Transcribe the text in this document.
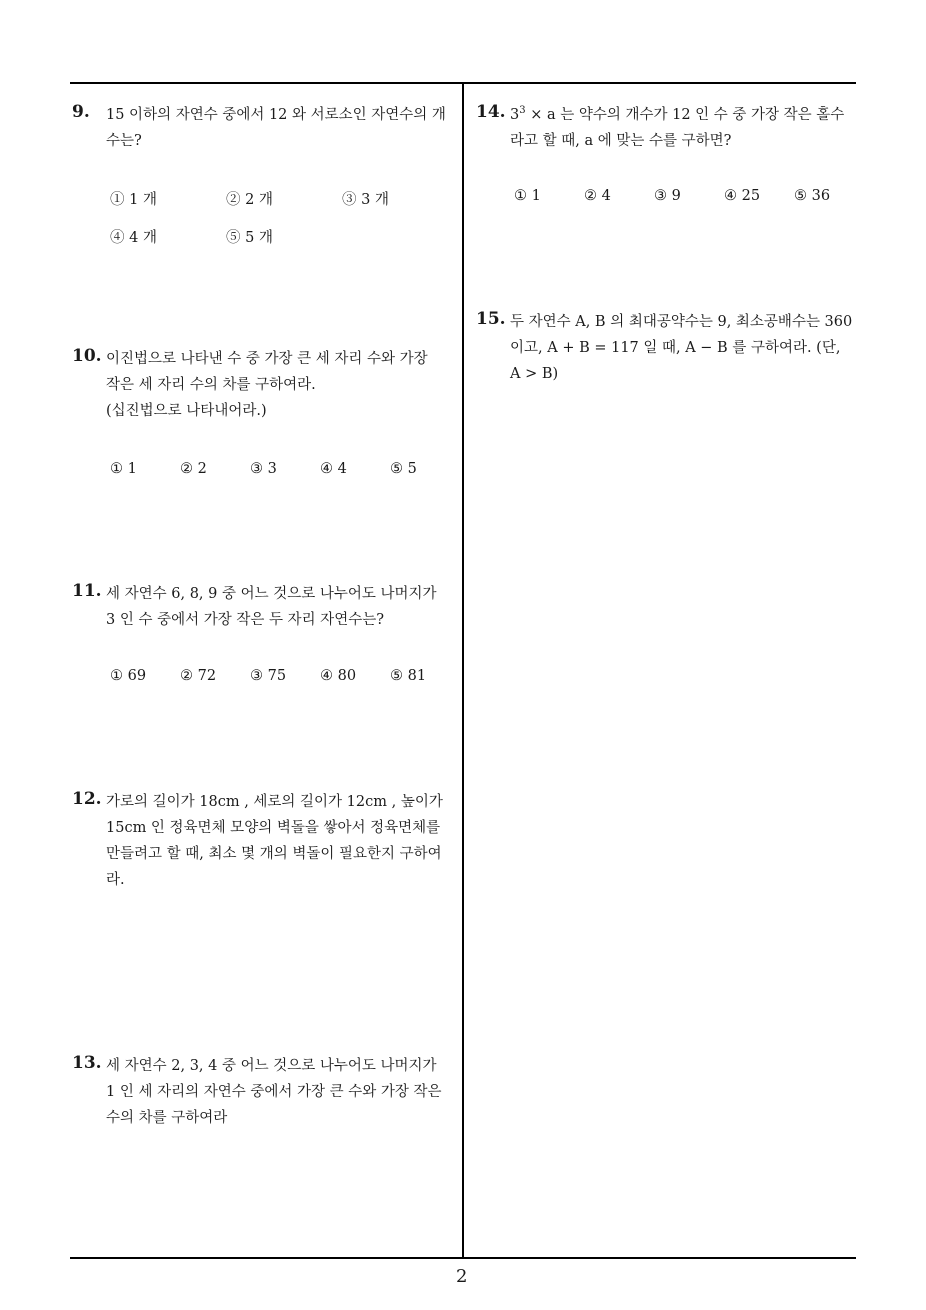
9. 15 이하의 자연수 중에서 12 와 서로소인 자연수의 개
수는?
① 1 개	② 2 개	③ 3 개
④ 4 개	⑤ 5 개
10. 이진법으로 나타낸 수 중 가장 큰 세 자리 수와 가장
작은 세 자리 수의 차를 구하여라.
(십진법으로 나타내어라.)
① 1	② 2	③ 3	④ 4	⑤ 5
11. 세 자연수 6, 8, 9 중 어느 것으로 나누어도 나머지가
3 인 수 중에서 가장 작은 두 자리 자연수는?
① 69 ② 72 ③ 75 ④ 80 ⑤ 81
12. 가로의 길이가 18cm , 세로의 길이가 12cm , 높이가
15cm 인 정육면체 모양의 벽돌을 쌓아서 정육면체를
만들려고 할 때, 최소 몇 개의 벽돌이 필요한지 구하여
라.
13. 세 자연수 2, 3, 4 중 어느 것으로 나누어도 나머지가
1 인 세 자리의 자연수 중에서 가장 큰 수와 가장 작은
수의 차를 구하여라
14. $3^3 \times a$ 는 약수의 개수가 12 인 수 중 가장 작은 홀수
라고 할 때, a 에 맞는 수를 구하면?
① 1	② 4	③ 9	④ 25 ⑤ 36
15. 두 자연수 A, B 의 최대공약수는 9, 최소공배수는 360
이고, A + B = 117 일 때, A − B 를 구하여라. (단,
A > B)
2
